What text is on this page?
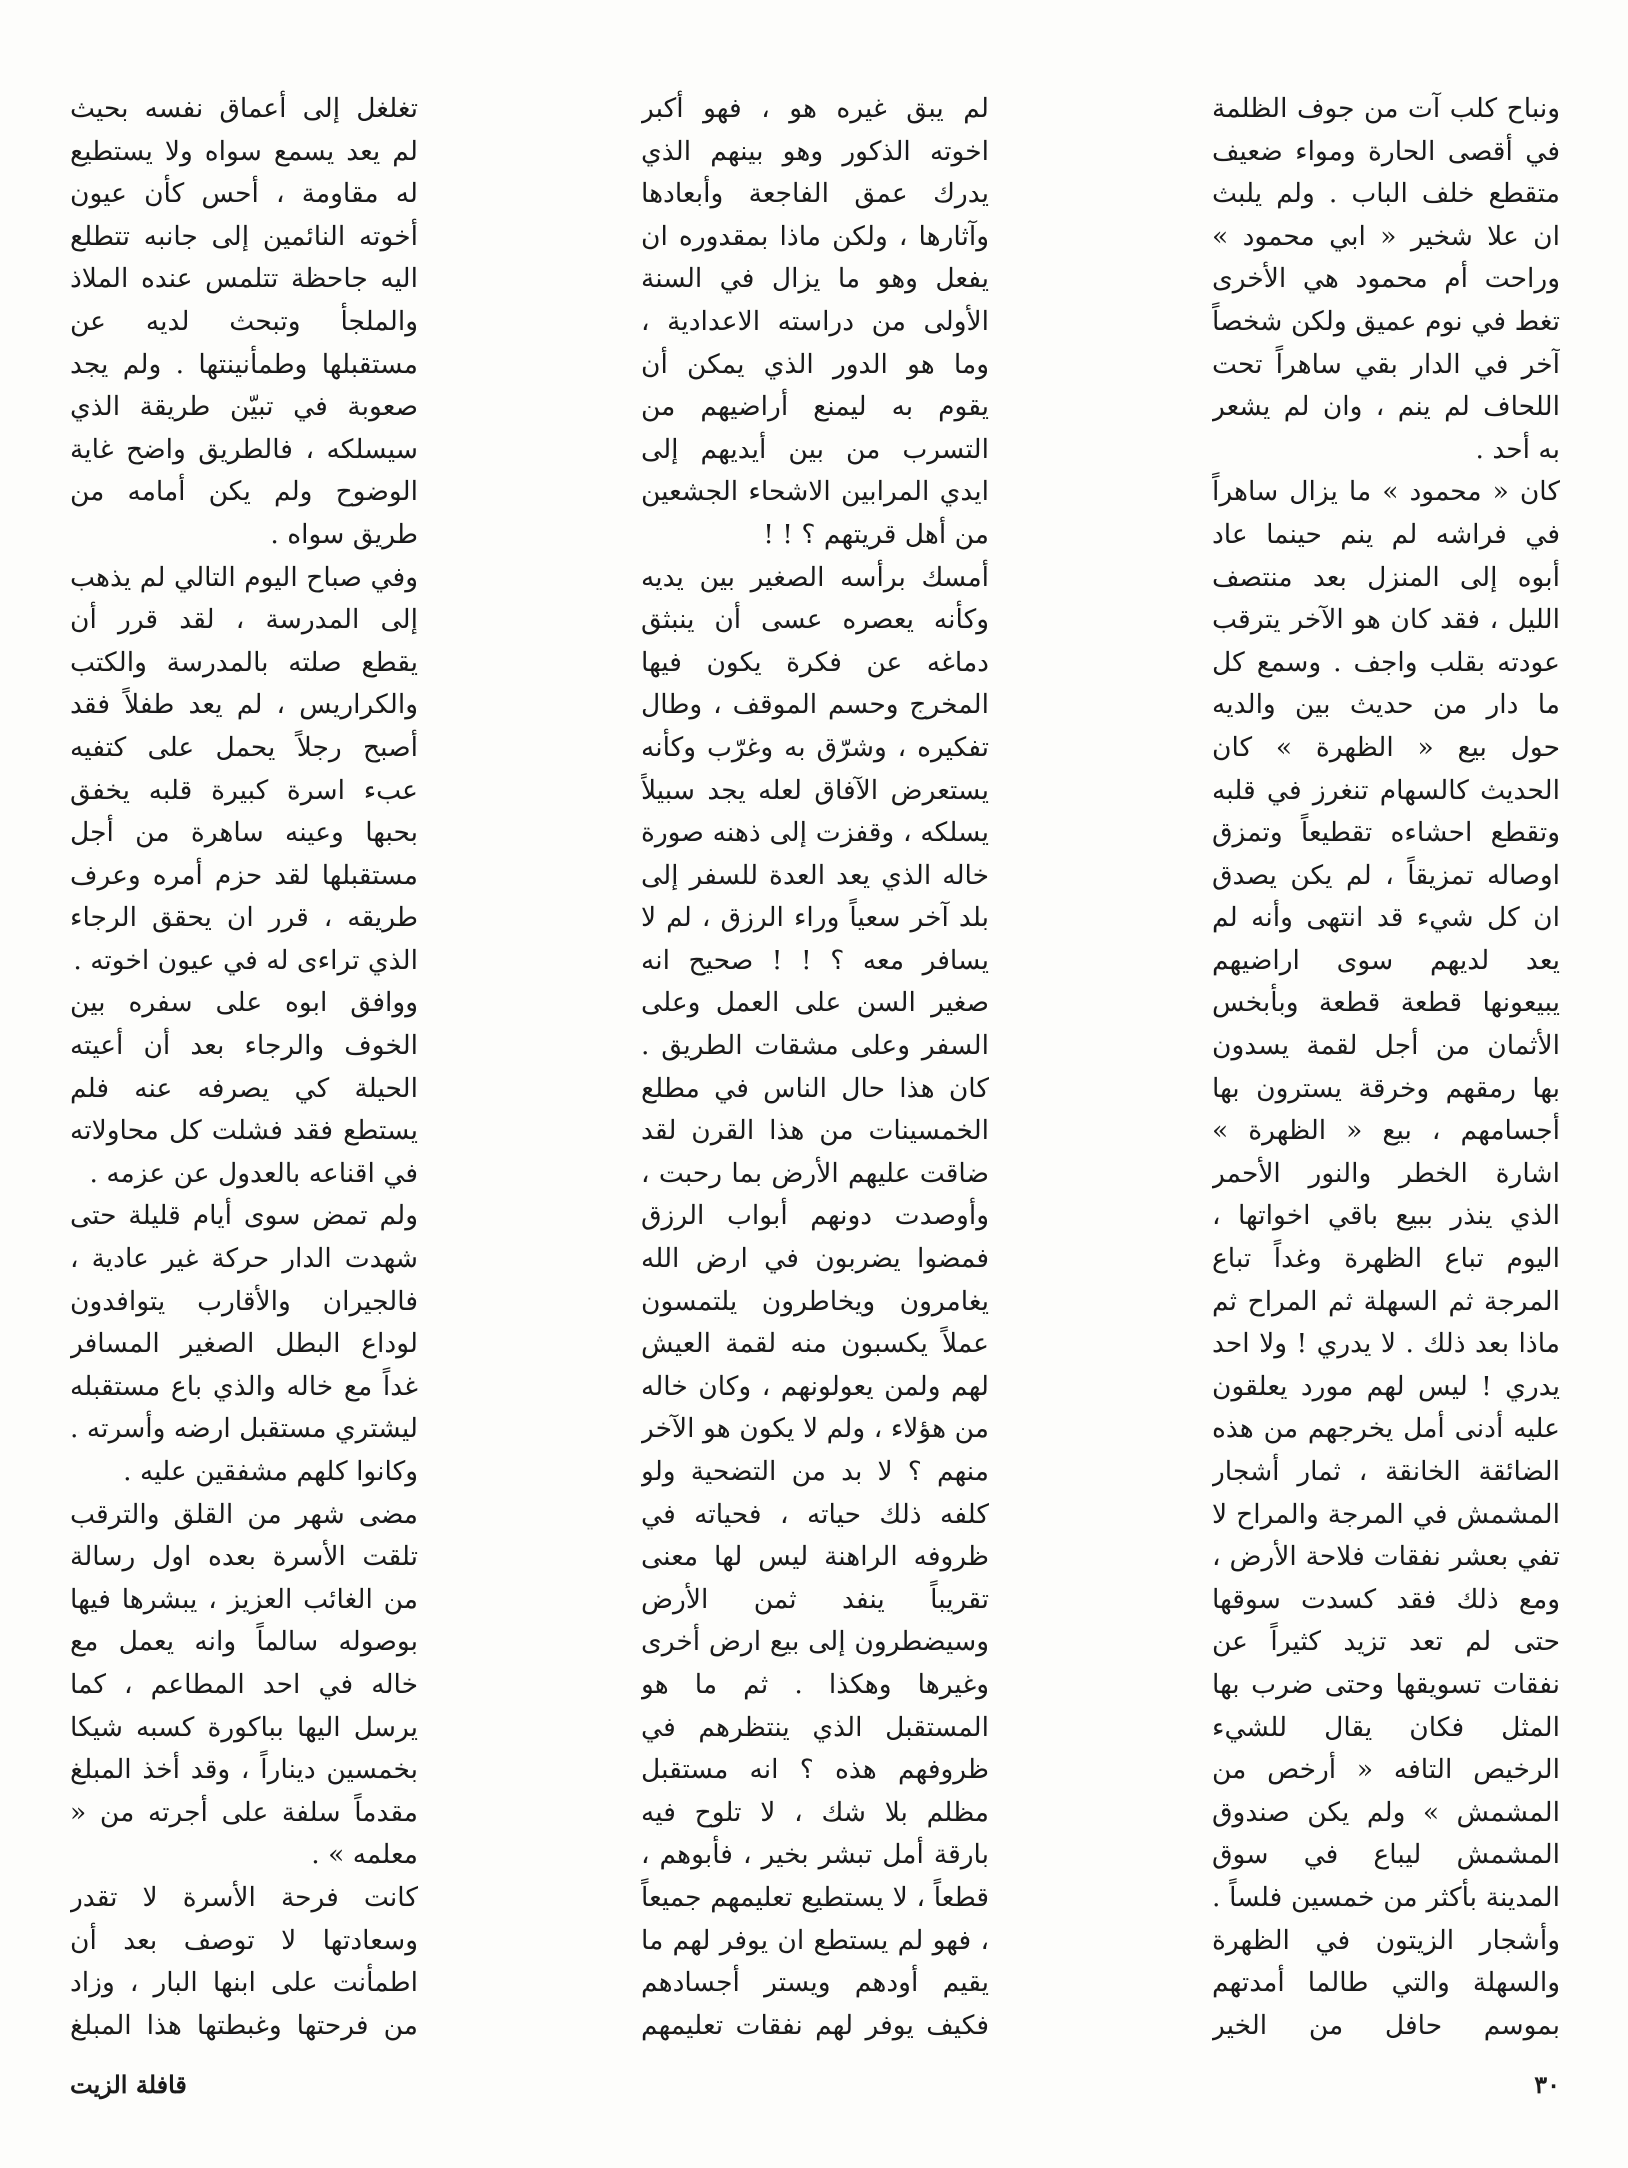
ونباح كلب آت من جوف الظلمة في أقصى الحارة ومواء ضعيف متقطع خلف الباب . ولم يلبث ان علا شخير « ابي محمود » وراحت أم محمود هي الأخرى تغط في نوم عميق ولكن شخصاً آخر في الدار بقي ساهراً تحت اللحاف لم ينم ، وان لم يشعر به أحد .

كان « محمود » ما يزال ساهراً في فراشه لم ينم حينما عاد أبوه إلى المنزل بعد منتصف الليل ، فقد كان هو الآخر يترقب عودته بقلب واجف . وسمع كل ما دار من حديث بين والديه حول بيع « الظهرة » كان الحديث كالسهام تنغرز في قلبه وتقطع احشاءه تقطيعاً وتمزق اوصاله تمزيقاً ، لم يكن يصدق ان كل شيء قد انتهى وأنه لم يعد لديهم سوى اراضيهم يبيعونها قطعة قطعة وبأبخس الأثمان من أجل لقمة يسدون بها رمقهم وخرقة يسترون بها أجسامهم ، بيع « الظهرة » اشارة الخطر والنور الأحمر الذي ينذر ببيع باقي اخواتها ، اليوم تباع الظهرة وغداً تباع المرجة ثم السهلة ثم المراح ثم ماذا بعد ذلك . لا يدري ! ولا احد يدري ! ليس لهم مورد يعلقون عليه أدنى أمل يخرجهم من هذه الضائقة الخانقة ، ثمار أشجار المشمش في المرجة والمراح لا تفي بعشر نفقات فلاحة الأرض ، ومع ذلك فقد كسدت سوقها حتى لم تعد تزيد كثيراً عن نفقات تسويقها وحتى ضرب بها المثل فكان يقال للشيء الرخيص التافه « أرخص من المشمش » ولم يكن صندوق المشمش ليباع في سوق المدينة بأكثر من خمسين فلساً . وأشجار الزيتون في الظهرة والسهلة والتي طالما أمدتهم بموسم حافل من الخير

لم يبق غيره هو ، فهو أكبر اخوته الذكور وهو بينهم الذي يدرك عمق الفاجعة وأبعادها وآثارها ، ولكن ماذا بمقدوره ان يفعل وهو ما يزال في السنة الأولى من دراسته الاعدادية ، وما هو الدور الذي يمكن أن يقوم به ليمنع أراضيهم من التسرب من بين أيديهم إلى ايدي المرابين الاشحاء الجشعين من أهل قريتهم ؟ ! !

أمسك برأسه الصغير بين يديه وكأنه يعصره عسى أن ينبثق دماغه عن فكرة يكون فيها المخرج وحسم الموقف ، وطال تفكيره ، وشرّق به وغرّب وكأنه يستعرض الآفاق لعله يجد سبيلاً يسلكه ، وقفزت إلى ذهنه صورة خاله الذي يعد العدة للسفر إلى بلد آخر سعياً وراء الرزق ، لم لا يسافر معه ؟ ! ! صحيح انه صغير السن على العمل وعلى السفر وعلى مشقات الطريق . كان هذا حال الناس في مطلع الخمسينات من هذا القرن لقد ضاقت عليهم الأرض بما رحبت ، وأوصدت دونهم أبواب الرزق فمضوا يضربون في ارض الله يغامرون ويخاطرون يلتمسون عملاً يكسبون منه لقمة العيش لهم ولمن يعولونهم ، وكان خاله من هؤلاء ، ولم لا يكون هو الآخر منهم ؟ لا بد من التضحية ولو كلفه ذلك حياته ، فحياته في ظروفه الراهنة ليس لها معنى تقريباً ينفد ثمن الأرض وسيضطرون إلى بيع ارض أخرى وغيرها وهكذا . ثم ما هو المستقبل الذي ينتظرهم في ظروفهم هذه ؟ انه مستقبل مظلم بلا شك ، لا تلوح فيه بارقة أمل تبشر بخير ، فأبوهم ، قطعاً ، لا يستطيع تعليمهم جميعاً ، فهو لم يستطع ان يوفر لهم ما يقيم أودهم ويستر أجسادهم فكيف يوفر لهم نفقات تعليمهم

تغلغل إلى أعماق نفسه بحيث لم يعد يسمع سواه ولا يستطيع له مقاومة ، أحس كأن عيون أخوته النائمين إلى جانبه تتطلع اليه جاحظة تتلمس عنده الملاذ والملجأ وتبحث لديه عن مستقبلها وطمأنينتها . ولم يجد صعوبة في تبيّن طريقة الذي سيسلكه ، فالطريق واضح غاية الوضوح ولم يكن أمامه من طريق سواه .

وفي صباح اليوم التالي لم يذهب إلى المدرسة ، لقد قرر أن يقطع صلته بالمدرسة والكتب والكراريس ، لم يعد طفلاً فقد أصبح رجلاً يحمل على كتفيه عبء اسرة كبيرة قلبه يخفق بحبها وعينه ساهرة من أجل مستقبلها لقد حزم أمره وعرف طريقه ، قرر ان يحقق الرجاء الذي تراءى له في عيون اخوته .

ووافق ابوه على سفره بين الخوف والرجاء بعد أن أعيته الحيلة كي يصرفه عنه فلم يستطع فقد فشلت كل محاولاته في اقناعه بالعدول عن عزمه .

ولم تمض سوى أيام قليلة حتى شهدت الدار حركة غير عادية ، فالجيران والأقارب يتوافدون لوداع البطل الصغير المسافر غداً مع خاله والذي باع مستقبله ليشتري مستقبل ارضه وأسرته . وكانوا كلهم مشفقين عليه .

مضى شهر من القلق والترقب تلقت الأسرة بعده اول رسالة من الغائب العزيز ، يبشرها فيها بوصوله سالماً وانه يعمل مع خاله في احد المطاعم ، كما يرسل اليها بباكورة كسبه شيكا بخمسين ديناراً ، وقد أخذ المبلغ مقدماً سلفة على أجرته من « معلمه » .

كانت فرحة الأسرة لا تقدر وسعادتها لا توصف بعد أن اطمأنت على ابنها البار ، وزاد من فرحتها وغبطتها هذا المبلغ

٣٠
قافلة الزيت
